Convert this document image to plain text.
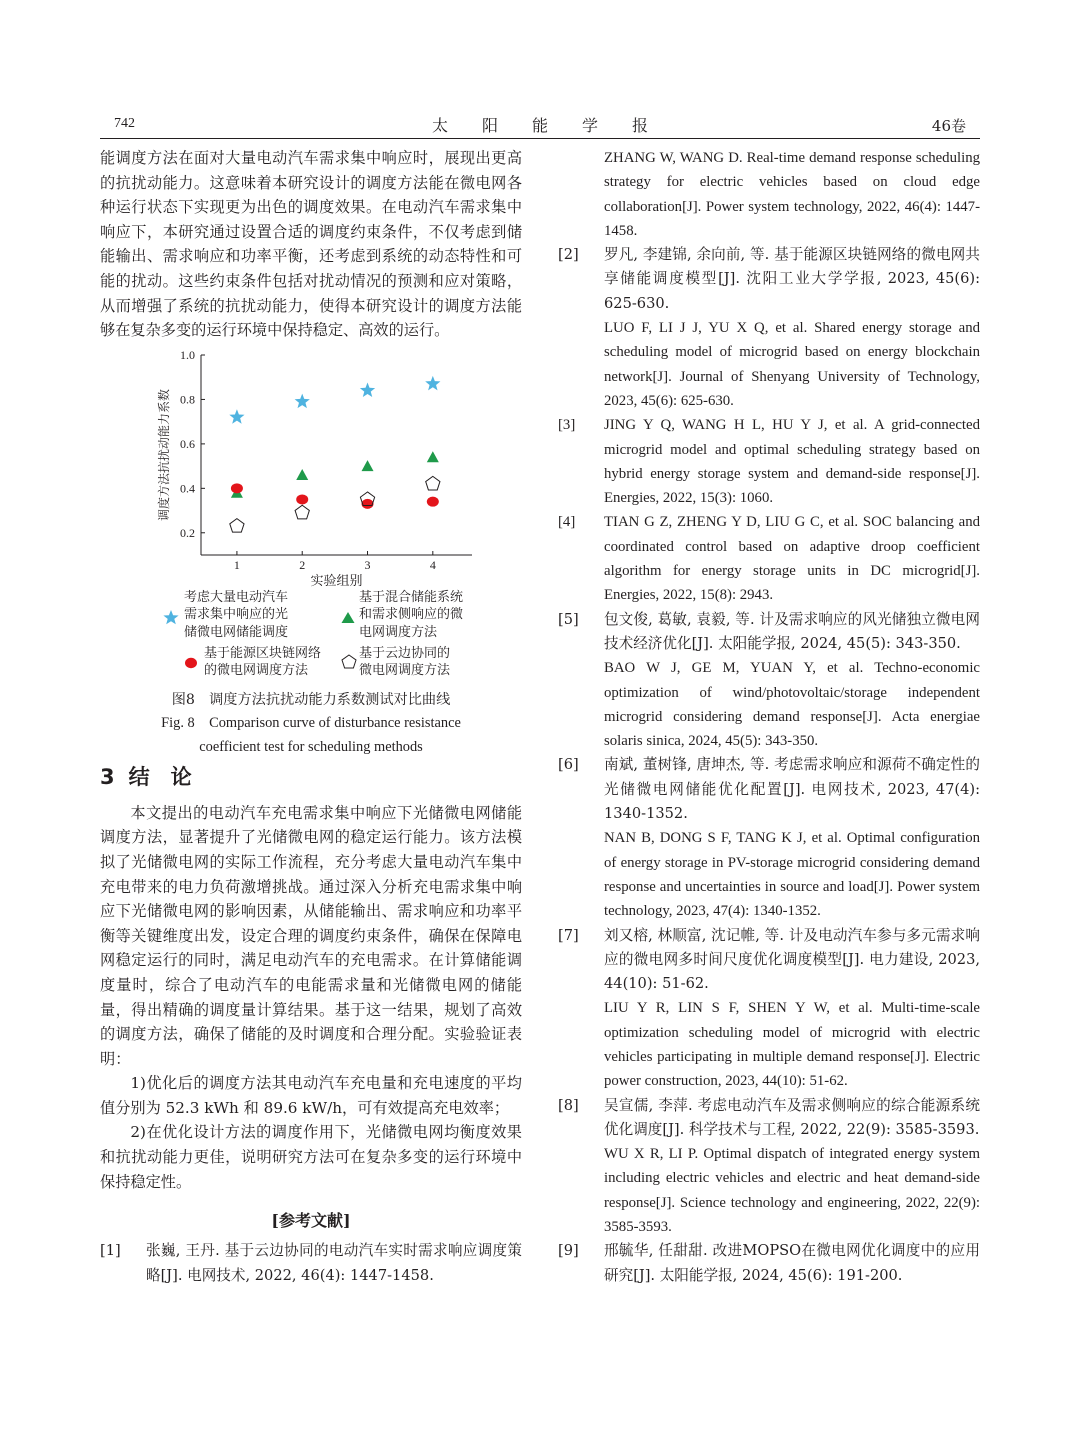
742	太阳能学报	46卷

能调度方法在面对大量电动汽车需求集中响应时，展现出更高的抗扰动能力。这意味着本研究设计的调度方法能在微电网各种运行状态下实现更为出色的调度效果。在电动汽车需求集中响应下，本研究通过设置合适的调度约束条件，不仅考虑到储能输出、需求响应和功率平衡，还考虑到系统的动态特性和可能的扰动。这些约束条件包括对扰动情况的预测和应对策略，从而增强了系统的抗扰动能力，使得本研究设计的调度方法能够在复杂多变的运行环境中保持稳定、高效的运行。

0.2
0.4
0.6
0.8
1.0
1	2	3	4
实验组别
调度方法抗扰动能力系数
考虑大量电动汽车
需求集中响应的光
储微电网储能调度
基于混合储能系统
和需求侧响应的微
电网调度方法
基于能源区块链网络
的微电网调度方法
基于云边协同的
微电网调度方法
图8　调度方法抗扰动能力系数测试对比曲线
Fig. 8　Comparison curve of disturbance resistance
coefficient test for scheduling methods
3 结　论

本文提出的电动汽车充电需求集中响应下光储微电网储能调度方法，显著提升了光储微电网的稳定运行能力。该方法模拟了光储微电网的实际工作流程，充分考虑大量电动汽车集中充电带来的电力负荷激增挑战。通过深入分析充电需求集中响应下光储微电网的影响因素，从储能输出、需求响应和功率平衡等关键维度出发，设定合理的调度约束条件，确保在保障电网稳定运行的同时，满足电动汽车的充电需求。在计算储能调度量时，综合了电动汽车的电能需求量和光储微电网的储能量，得出精确的调度量计算结果。基于这一结果，规划了高效的调度方法，确保了储能的及时调度和合理分配。实验验证表明：

1)优化后的调度方法其电动汽车充电量和充电速度的平均值分别为 52.3 kWh 和 89.6 kW/h，可有效提高充电效率；

2)在优化设计方法的调度作用下，光储微电网均衡度效果和抗扰动能力更佳，说明研究方法可在复杂多变的运行环境中保持稳定性。

[参考文献]
[1] 张巍, 王丹. 基于云边协同的电动汽车实时需求响应调度策略[J]. 电网技术, 2022, 46(4): 1447-1458.

ZHANG W, WANG D. Real-time demand response scheduling strategy for electric vehicles based on cloud edge collaboration[J]. Power system technology, 2022, 46(4): 1447-1458.

[2] 罗凡, 李建锦, 余向前, 等. 基于能源区块链网络的微电网共享储能调度模型[J]. 沈阳工业大学学报, 2023, 45(6): 625-630.

LUO F, LI J J, YU X Q, et al. Shared energy storage and scheduling model of microgrid based on energy blockchain network[J]. Journal of Shenyang University of Technology, 2023, 45(6): 625-630.

[3] JING Y Q, WANG H L, HU Y J, et al. A grid-connected microgrid model and optimal scheduling strategy based on hybrid energy storage system and demand-side response[J]. Energies, 2022, 15(3): 1060.
[4] TIAN G Z, ZHENG Y D, LIU G C, et al. SOC balancing and coordinated control based on adaptive droop coefficient algorithm for energy storage units in DC microgrid[J]. Energies, 2022, 15(8): 2943.
[5] 包文俊, 葛敏, 袁毅, 等. 计及需求响应的风光储独立微电网技术经济优化[J]. 太阳能学报, 2024, 45(5): 343-350.

BAO W J, GE M, YUAN Y, et al. Techno-economic optimization of wind/photovoltaic/storage independent microgrid considering demand response[J]. Acta energiae solaris sinica, 2024, 45(5): 343-350.

[6] 南斌, 董树锋, 唐坤杰, 等. 考虑需求响应和源荷不确定性的光储微电网储能优化配置[J]. 电网技术, 2023, 47(4): 1340-1352.

NAN B, DONG S F, TANG K J, et al. Optimal configuration of energy storage in PV-storage microgrid considering demand response and uncertainties in source and load[J]. Power system technology, 2023, 47(4): 1340-1352.

[7] 刘又榕, 林顺富, 沈记帷, 等. 计及电动汽车参与多元需求响应的微电网多时间尺度优化调度模型[J]. 电力建设, 2023, 44(10): 51-62.

LIU Y R, LIN S F, SHEN Y W, et al. Multi-time-scale optimization scheduling model of microgrid with electric vehicles participating in multiple demand response[J]. Electric power construction, 2023, 44(10): 51-62.

[8] 吴宣儒, 李萍. 考虑电动汽车及需求侧响应的综合能源系统优化调度[J]. 科学技术与工程, 2022, 22(9): 3585-3593.

WU X R, LI P. Optimal dispatch of integrated energy system including electric vehicles and electric and heat demand-side response[J]. Science technology and engineering, 2022, 22(9): 3585-3593.

[9] 邢毓华, 任甜甜. 改进MOPSO在微电网优化调度中的应用研究[J]. 太阳能学报, 2024, 45(6): 191-200.
